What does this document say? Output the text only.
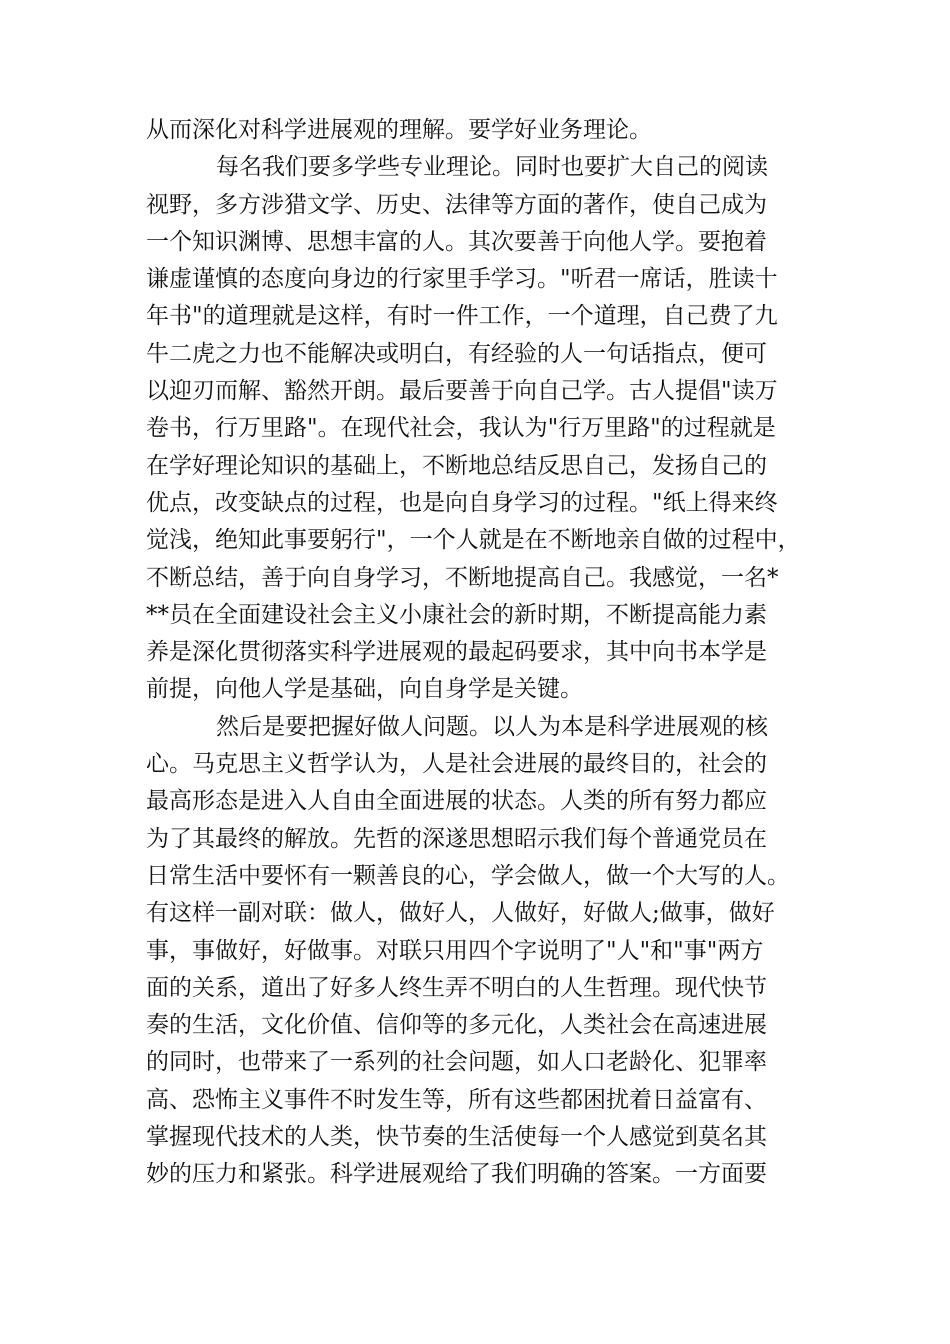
从而深化对科学进展观的理解。要学好业务理论。
每名我们要多学些专业理论。同时也要扩大自己的阅读
视野，多方涉猎文学、历史、法律等方面的著作，使自己成为
一个知识渊博、思想丰富的人。其次要善于向他人学。要抱着
谦虚谨慎的态度向身边的行家里手学习。"听君一席话，胜读十
年书"的道理就是这样，有时一件工作，一个道理，自己费了九
牛二虎之力也不能解决或明白，有经验的人一句话指点，便可
以迎刃而解、豁然开朗。最后要善于向自己学。古人提倡"读万
卷书，行万里路"。在现代社会，我认为"行万里路"的过程就是
在学好理论知识的基础上，不断地总结反思自己，发扬自己的
优点，改变缺点的过程，也是向自身学习的过程。"纸上得来终
觉浅，绝知此事要躬行"，一个人就是在不断地亲自做的过程中，
不断总结，善于向自身学习，不断地提高自己。我感觉，一名*
**员在全面建设社会主义小康社会的新时期，不断提高能力素
养是深化贯彻落实科学进展观的最起码要求，其中向书本学是
前提，向他人学是基础，向自身学是关键。
然后是要把握好做人问题。以人为本是科学进展观的核
心。马克思主义哲学认为，人是社会进展的最终目的，社会的
最高形态是进入人自由全面进展的状态。人类的所有努力都应
为了其最终的解放。先哲的深遂思想昭示我们每个普通党员在
日常生活中要怀有一颗善良的心，学会做人，做一个大写的人。
有这样一副对联：做人，做好人，人做好，好做人;做事，做好
事，事做好，好做事。对联只用四个字说明了"人"和"事"两方
面的关系，道出了好多人终生弄不明白的人生哲理。现代快节
奏的生活，文化价值、信仰等的多元化，人类社会在高速进展
的同时，也带来了一系列的社会问题，如人口老龄化、犯罪率
高、恐怖主义事件不时发生等，所有这些都困扰着日益富有、
掌握现代技术的人类，快节奏的生活使每一个人感觉到莫名其
妙的压力和紧张。科学进展观给了我们明确的答案。一方面要
